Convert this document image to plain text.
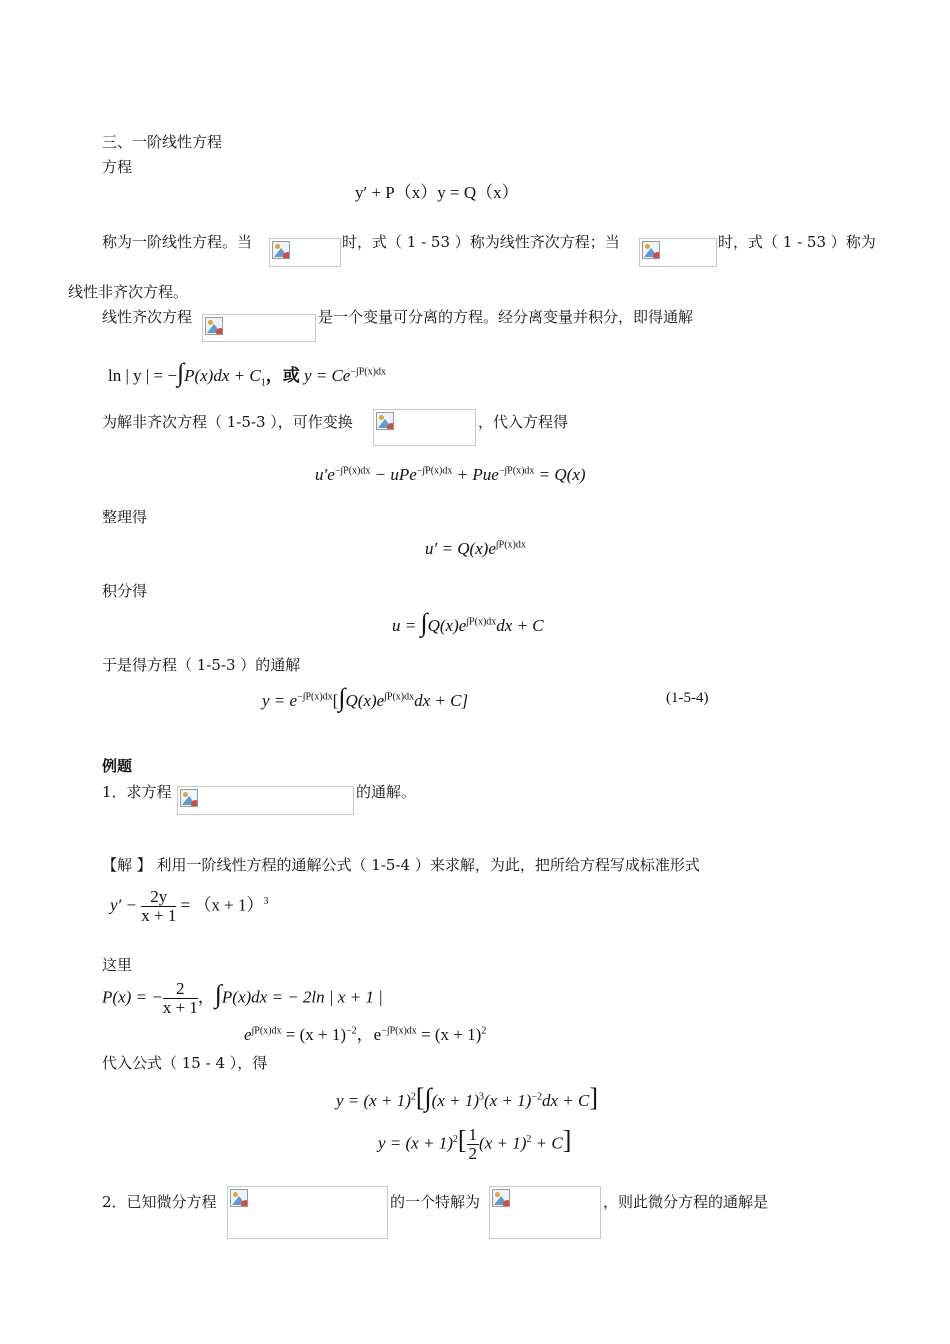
三、一阶线性方程
方程
y′ + P（x）y = Q（x）
称为一阶线性方程。当	时，式（ 1 - 53 ）称为线性齐次方程；当	时，式（ 1 - 53 ）称为
线性非齐次方程。
线性齐次方程	是一个变量可分离的方程。经分离变量并积分，即得通解
ln | y | = $-\int P(x)dx + C_1$，或 $y = Ce^{-\int P(x)dx}$
为解非齐次方程（ 1-5-3 ），可作变换	，代入方程得
$u'e^{-\int P(x)dx} - uPe^{-\int P(x)dx} + Pue^{-\int P(x)dx} = Q(x)$
整理得
$u' = Q(x)e^{\int P(x)dx}$
积分得
$u = \int Q(x)e^{\int P(x)dx}dx + C$
于是得方程（ 1-5-3 ）的通解
$y = e^{-\int P(x)dx}[\int Q(x)e^{\int P(x)dx}dx + C]$	(1-5-4)
例题
1．求方程	的通解。
【解 】 利用一阶线性方程的通解公式（ 1-5-4 ）来求解，为此，把所给方程写成标准形式
$y' - \frac{2y}{x + 1} = (x + 1)^3$
这里
P(x) = − $\frac{2}{x + 1}$ ，∫P(x)dx = − 2ln | x + 1 |
$e^{\int P(x)dx} = (x + 1)^{-2}$，$e^{-\int P(x)dx} = (x + 1)^2$
代入公式（ 15 - 4 ），得
$y = (x + 1)^2[\int(x + 1)^3(x + 1)^{-2}dx + C]$
$y = (x + 1)^2[ \frac{1}{2} (x + 1)^2 + C]$
2．已知微分方程	的一个特解为	，则此微分方程的通解是
